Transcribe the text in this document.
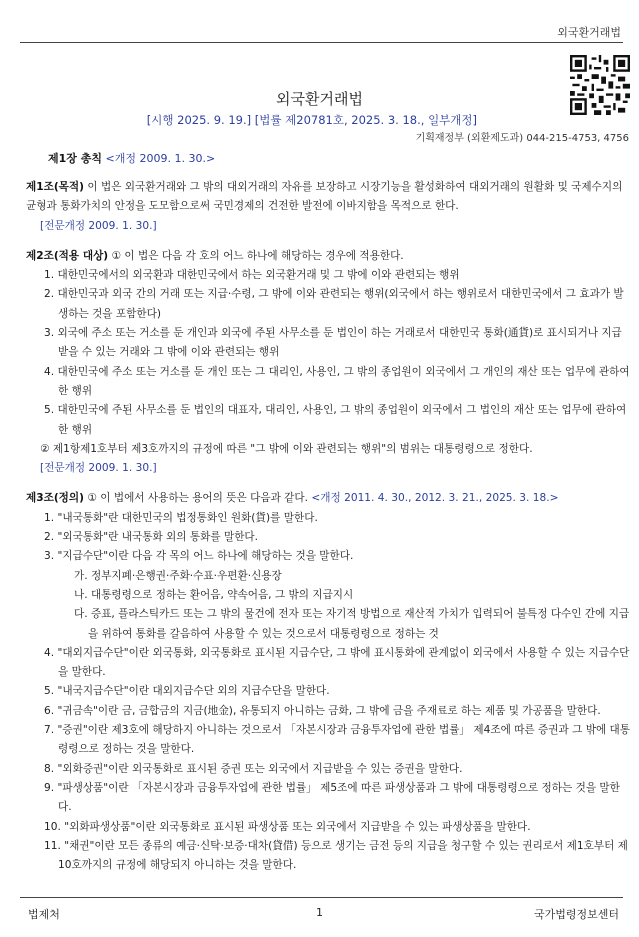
외국환거래법
외국환거래법
[시행 2025. 9. 19.] [법률 제20781호, 2025. 3. 18., 일부개정]
기획재정부 (외환제도과) 044-215-4753, 4756
제1장 총칙 <개정 2009. 1. 30.>

제1조(목적) 이 법은 외국환거래와 그 밖의 대외거래의 자유를 보장하고 시장기능을 활성화하여 대외거래의 원활화 및 국제수지의 균형과 통화가치의 안정을 도모함으로써 국민경제의 건전한 발전에 이바지함을 목적으로 한다.

[전문개정 2009. 1. 30.]

제2조(적용 대상) ① 이 법은 다음 각 호의 어느 하나에 해당하는 경우에 적용한다.

1. 대한민국에서의 외국환과 대한민국에서 하는 외국환거래 및 그 밖에 이와 관련되는 행위

2. 대한민국과 외국 간의 거래 또는 지급·수령, 그 밖에 이와 관련되는 행위(외국에서 하는 행위로서 대한민국에서 그 효과가 발생하는 것을 포함한다)

3. 외국에 주소 또는 거소를 둔 개인과 외국에 주된 사무소를 둔 법인이 하는 거래로서 대한민국 통화(通貨)로 표시되거나 지급받을 수 있는 거래와 그 밖에 이와 관련되는 행위

4. 대한민국에 주소 또는 거소를 둔 개인 또는 그 대리인, 사용인, 그 밖의 종업원이 외국에서 그 개인의 재산 또는 업무에 관하여 한 행위

5. 대한민국에 주된 사무소를 둔 법인의 대표자, 대리인, 사용인, 그 밖의 종업원이 외국에서 그 법인의 재산 또는 업무에 관하여 한 행위

② 제1항제1호부터 제3호까지의 규정에 따른 "그 밖에 이와 관련되는 행위"의 범위는 대통령령으로 정한다.

[전문개정 2009. 1. 30.]

제3조(정의) ① 이 법에서 사용하는 용어의 뜻은 다음과 같다. <개정 2011. 4. 30., 2012. 3. 21., 2025. 3. 18.>

1. "내국통화"란 대한민국의 법정통화인 원화(貨)를 말한다.

2. "외국통화"란 내국통화 외의 통화를 말한다.

3. "지급수단"이란 다음 각 목의 어느 하나에 해당하는 것을 말한다.

가. 정부지폐·은행권·주화·수표·우편환·신용장

나. 대통령령으로 정하는 환어음, 약속어음, 그 밖의 지급지시

다. 증표, 플라스틱카드 또는 그 밖의 물건에 전자 또는 자기적 방법으로 재산적 가치가 입력되어 불특정 다수인 간에 지급을 위하여 통화를 갈음하여 사용할 수 있는 것으로서 대통령령으로 정하는 것

4. "대외지급수단"이란 외국통화, 외국통화로 표시된 지급수단, 그 밖에 표시통화에 관계없이 외국에서 사용할 수 있는 지급수단을 말한다.

5. "내국지급수단"이란 대외지급수단 외의 지급수단을 말한다.

6. "귀금속"이란 금, 금합금의 지금(地金), 유통되지 아니하는 금화, 그 밖에 금을 주재료로 하는 제품 및 가공품을 말한다.

7. "증권"이란 제3호에 해당하지 아니하는 것으로서 「자본시장과 금융투자업에 관한 법률」 제4조에 따른 증권과 그 밖에 대통령령으로 정하는 것을 말한다.

8. "외화증권"이란 외국통화로 표시된 증권 또는 외국에서 지급받을 수 있는 증권을 말한다.

9. "파생상품"이란 「자본시장과 금융투자업에 관한 법률」 제5조에 따른 파생상품과 그 밖에 대통령령으로 정하는 것을 말한다.

10. "외화파생상품"이란 외국통화로 표시된 파생상품 또는 외국에서 지급받을 수 있는 파생상품을 말한다.

11. "채권"이란 모든 종류의 예금·신탁·보증·대차(貸借) 등으로 생기는 금전 등의 지급을 청구할 수 있는 권리로서 제1호부터 제10호까지의 규정에 해당되지 아니하는 것을 말한다.

법제처	1	국가법령정보센터
